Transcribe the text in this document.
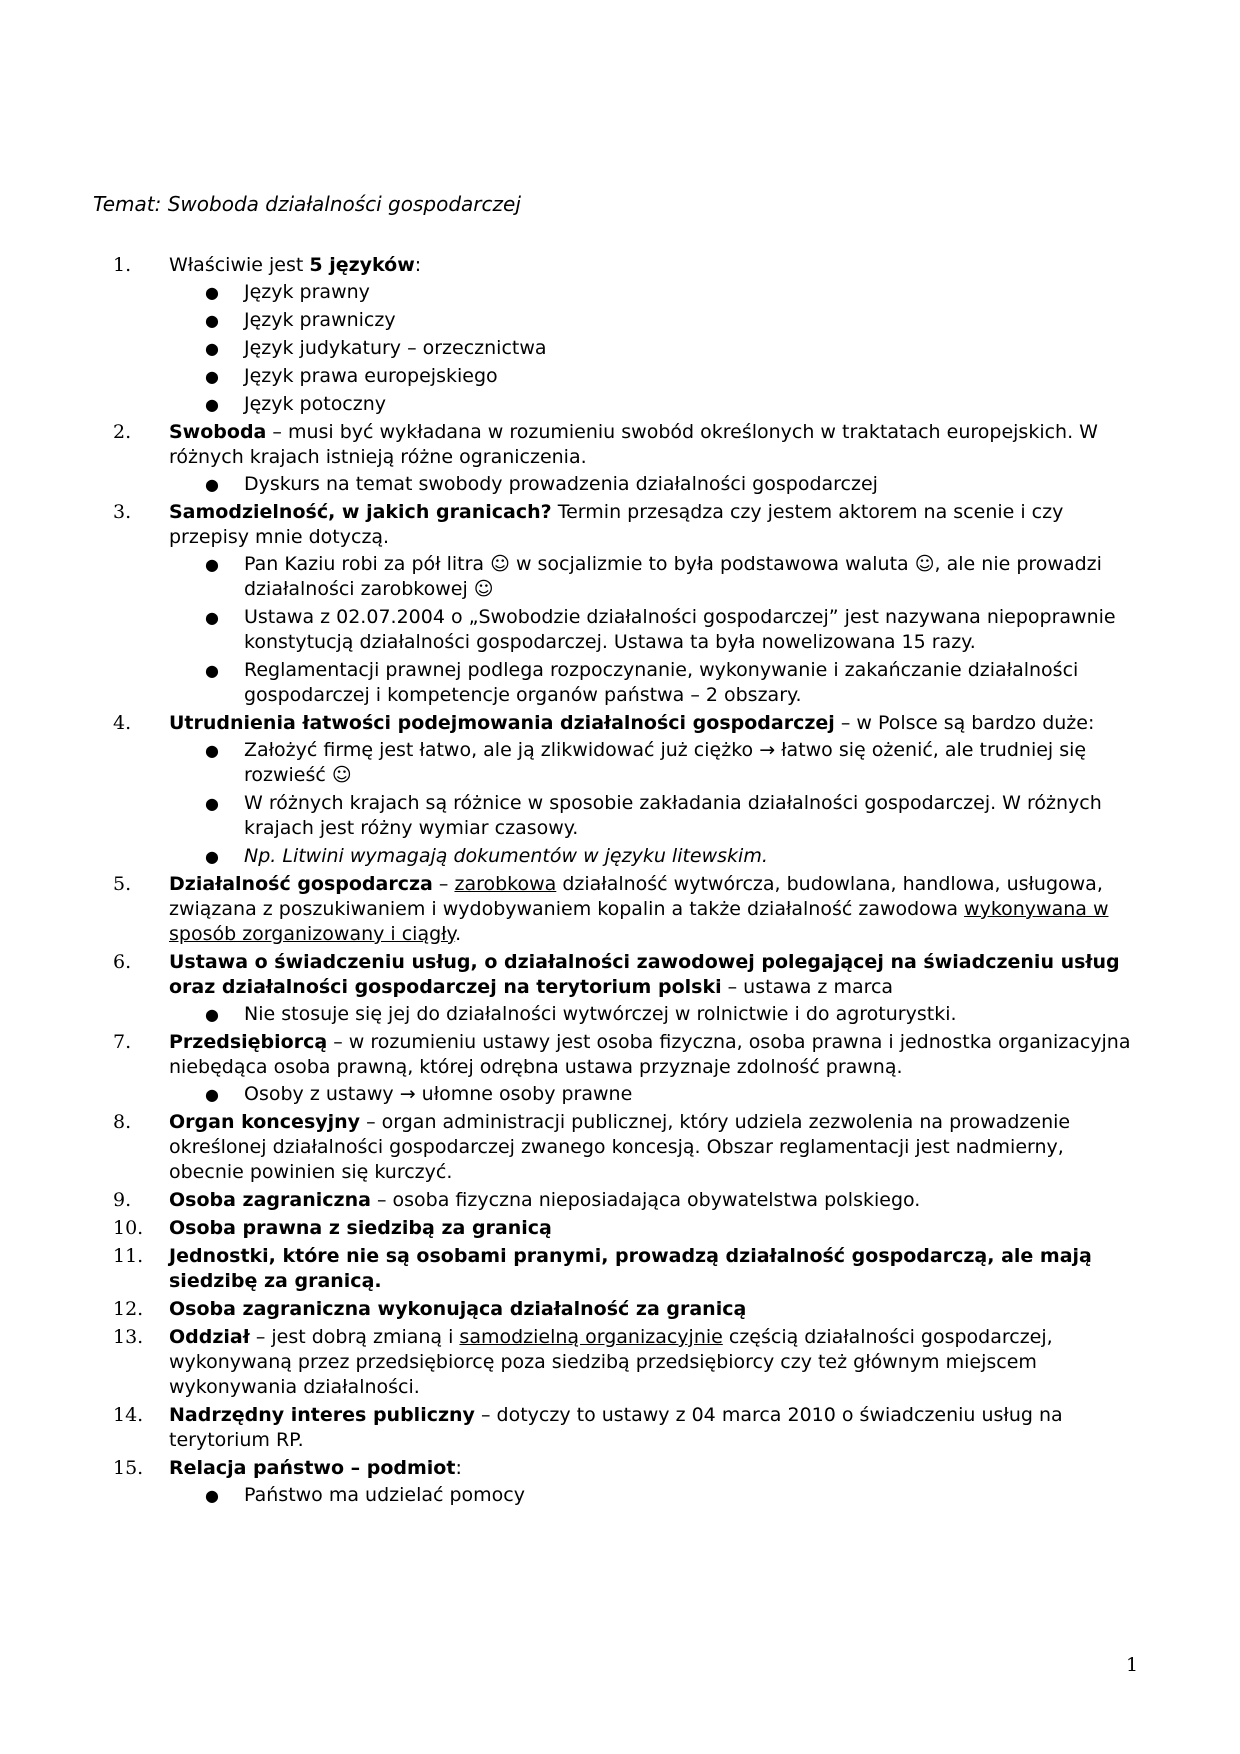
Temat: Swoboda działalności gospodarczej
1.	Właściwie jest 5 języków:
● Język prawny
● Język prawniczy
● Język judykatury – orzecznictwa
● Język prawa europejskiego
● Język potoczny
2.	Swoboda – musi być wykładana w rozumieniu swobód określonych w traktatach europejskich. W różnych krajach istnieją różne ograniczenia.
● Dyskurs na temat swobody prowadzenia działalności gospodarczej
3.	Samodzielność, w jakich granicach? Termin przesądza czy jestem aktorem na scenie i czy przepisy mnie dotyczą.
● Pan Kaziu robi za pół litra ☺ w socjalizmie to była podstawowa waluta ☺, ale nie prowadzi działalności zarobkowej ☺
● Ustawa z 02.07.2004 o „Swobodzie działalności gospodarczej” jest nazywana niepoprawnie konstytucją działalności gospodarczej. Ustawa ta była nowelizowana 15 razy.
● Reglamentacji prawnej podlega rozpoczynanie, wykonywanie i zakańczanie działalności gospodarczej i kompetencje organów państwa – 2 obszary.
4.	Utrudnienia łatwości podejmowania działalności gospodarczej – w Polsce są bardzo duże:
● Założyć firmę jest łatwo, ale ją zlikwidować już ciężko → łatwo się ożenić, ale trudniej się rozwieść ☺
● W różnych krajach są różnice w sposobie zakładania działalności gospodarczej. W różnych krajach jest różny wymiar czasowy.
● Np. Litwini wymagają dokumentów w języku litewskim.
5.	Działalność gospodarcza – zarobkowa działalność wytwórcza, budowlana, handlowa, usługowa, związana z poszukiwaniem i wydobywaniem kopalin a także działalność zawodowa wykonywana w sposób zorganizowany i ciągły.
6.	Ustawa o świadczeniu usług, o działalności zawodowej polegającej na świadczeniu usług oraz działalności gospodarczej na terytorium polski – ustawa z marca
● Nie stosuje się jej do działalności wytwórczej w rolnictwie i do agroturystki.
7.	Przedsiębiorcą – w rozumieniu ustawy jest osoba fizyczna, osoba prawna i jednostka organizacyjna niebędąca osoba prawną, której odrębna ustawa przyznaje zdolność prawną.
● Osoby z ustawy → ułomne osoby prawne
8.	Organ koncesyjny – organ administracji publicznej, który udziela zezwolenia na prowadzenie określonej działalności gospodarczej zwanego koncesją. Obszar reglamentacji jest nadmierny, obecnie powinien się kurczyć.
9.	Osoba zagraniczna – osoba fizyczna nieposiadająca obywatelstwa polskiego.
10.	Osoba prawna z siedzibą za granicą
11.	Jednostki, które nie są osobami pranymi, prowadzą działalność gospodarczą, ale mają siedzibę za granicą.
12.	Osoba zagraniczna wykonująca działalność za granicą
13.	Oddział – jest dobrą zmianą i samodzielną organizacyjnie częścią działalności gospodarczej, wykonywaną przez przedsiębiorcę poza siedzibą przedsiębiorcy czy też głównym miejscem wykonywania działalności.
14.	Nadrzędny interes publiczny – dotyczy to ustawy z 04 marca 2010 o świadczeniu usług na terytorium RP.
15.	Relacja państwo – podmiot:
● Państwo ma udzielać pomocy
1
